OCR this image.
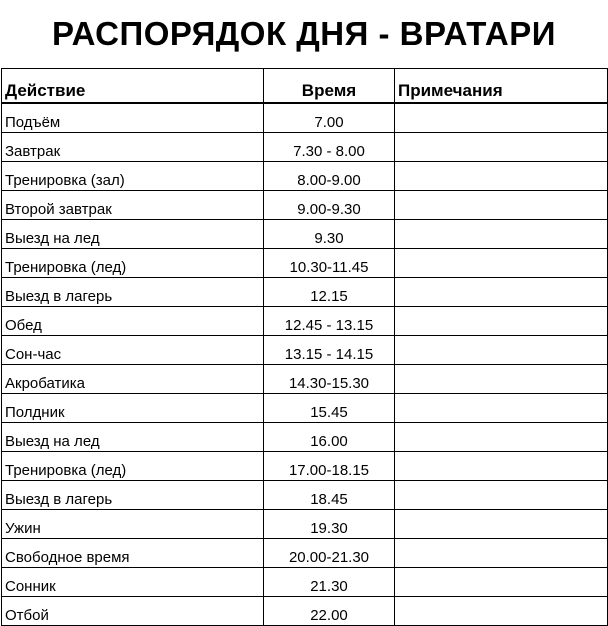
РАСПОРЯДОК ДНЯ - ВРАТАРИ
Действие	Время	Примечания
Подъём	7.00	
Завтрак	7.30 - 8.00	
Тренировка (зал)	8.00-9.00	
Второй завтрак	9.00-9.30	
Выезд на лед	9.30	
Тренировка (лед)	10.30-11.45	
Выезд в лагерь	12.15	
Обед	12.45 - 13.15	
Сон-час	13.15 - 14.15	
Акробатика	14.30-15.30	
Полдник	15.45	
Выезд на лед	16.00	
Тренировка (лед)	17.00-18.15	
Выезд в лагерь	18.45	
Ужин	19.30	
Свободное время	20.00-21.30	
Сонник	21.30	
Отбой	22.00	
